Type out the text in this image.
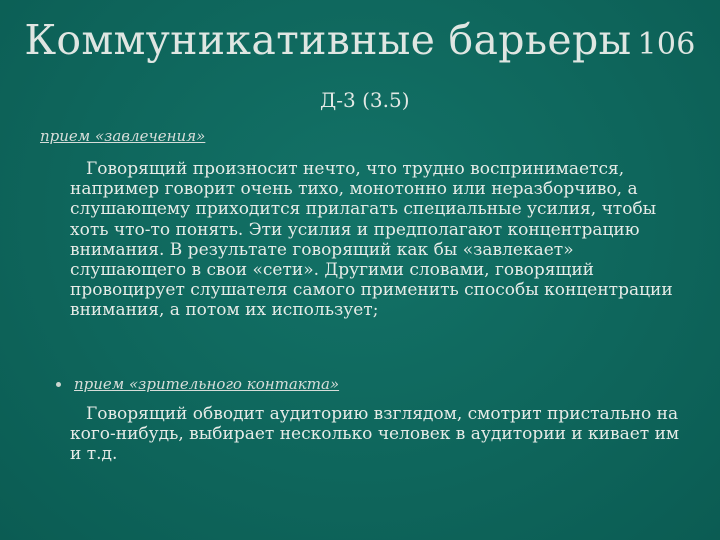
Коммуникативные барьеры 106
Д-3 (3.5)
прием «завлечения»

Говорящий произносит нечто, что трудно воспринимается, например говорит очень тихо, монотонно или неразборчиво, а слушающему приходится прилагать специальные усилия, чтобы хоть что-то понять. Эти усилия и предполагают концентрацию внимания. В результате говорящий как бы «завлекает» слушающего в свои «сети». Другими словами, говорящий провоцирует слушателя самого применить способы концентрации внимания, а потом их использует;

прием «зрительного контакта»

Говорящий обводит аудиторию взглядом, смотрит пристально на кого-нибудь, выбирает несколько человек в аудитории и кивает им и т.д.
